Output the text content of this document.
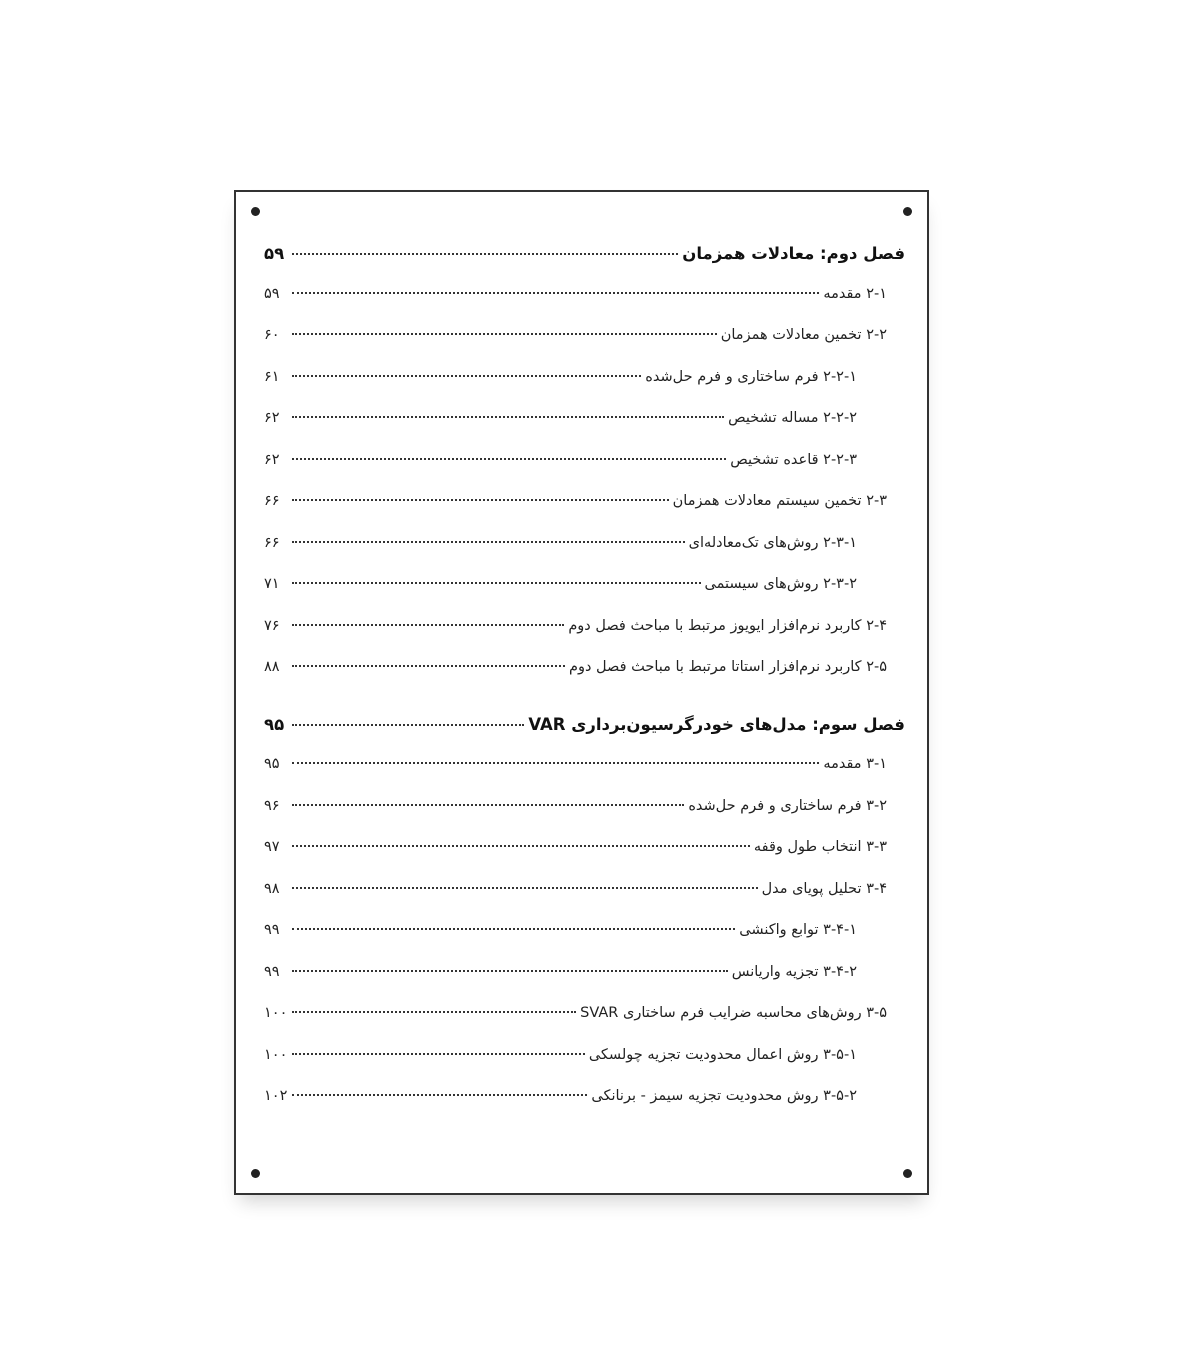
فصل دوم: معادلات همزمان
۵۹
۲-۱ مقدمه
۵۹
۲-۲ تخمین معادلات همزمان
۶۰
۲-۲-۱ فرم ساختاری و فرم حل‌شده
۶۱
۲-۲-۲ مساله تشخیص
۶۲
۲-۲-۳ قاعده تشخیص
۶۲
۲-۳ تخمین سیستم معادلات همزمان
۶۶
۲-۳-۱ روش‌های تک‌معادله‌ای
۶۶
۲-۳-۲ روش‌های سیستمی
۷۱
۲-۴ کاربرد نرم‌افزار ایویوز مرتبط با مباحث فصل دوم
۷۶
۲-۵ کاربرد نرم‌افزار استاتا مرتبط با مباحث فصل دوم
۸۸
فصل سوم: مدل‌های خودرگرسیون‌برداری VAR
۹۵
۳-۱ مقدمه
۹۵
۳-۲ فرم ساختاری و فرم حل‌شده
۹۶
۳-۳ انتخاب طول وقفه
۹۷
۳-۴ تحلیل پویای مدل
۹۸
۳-۴-۱ توابع واکنشی
۹۹
۳-۴-۲ تجزیه واریانس
۹۹
۳-۵ روش‌های محاسبه ضرایب فرم ساختاری SVAR
۱۰۰
۳-۵-۱ روش اعمال محدودیت تجزیه چولسکی
۱۰۰
۳-۵-۲ روش محدودیت تجزیه سیمز - برنانکی
۱۰۲
